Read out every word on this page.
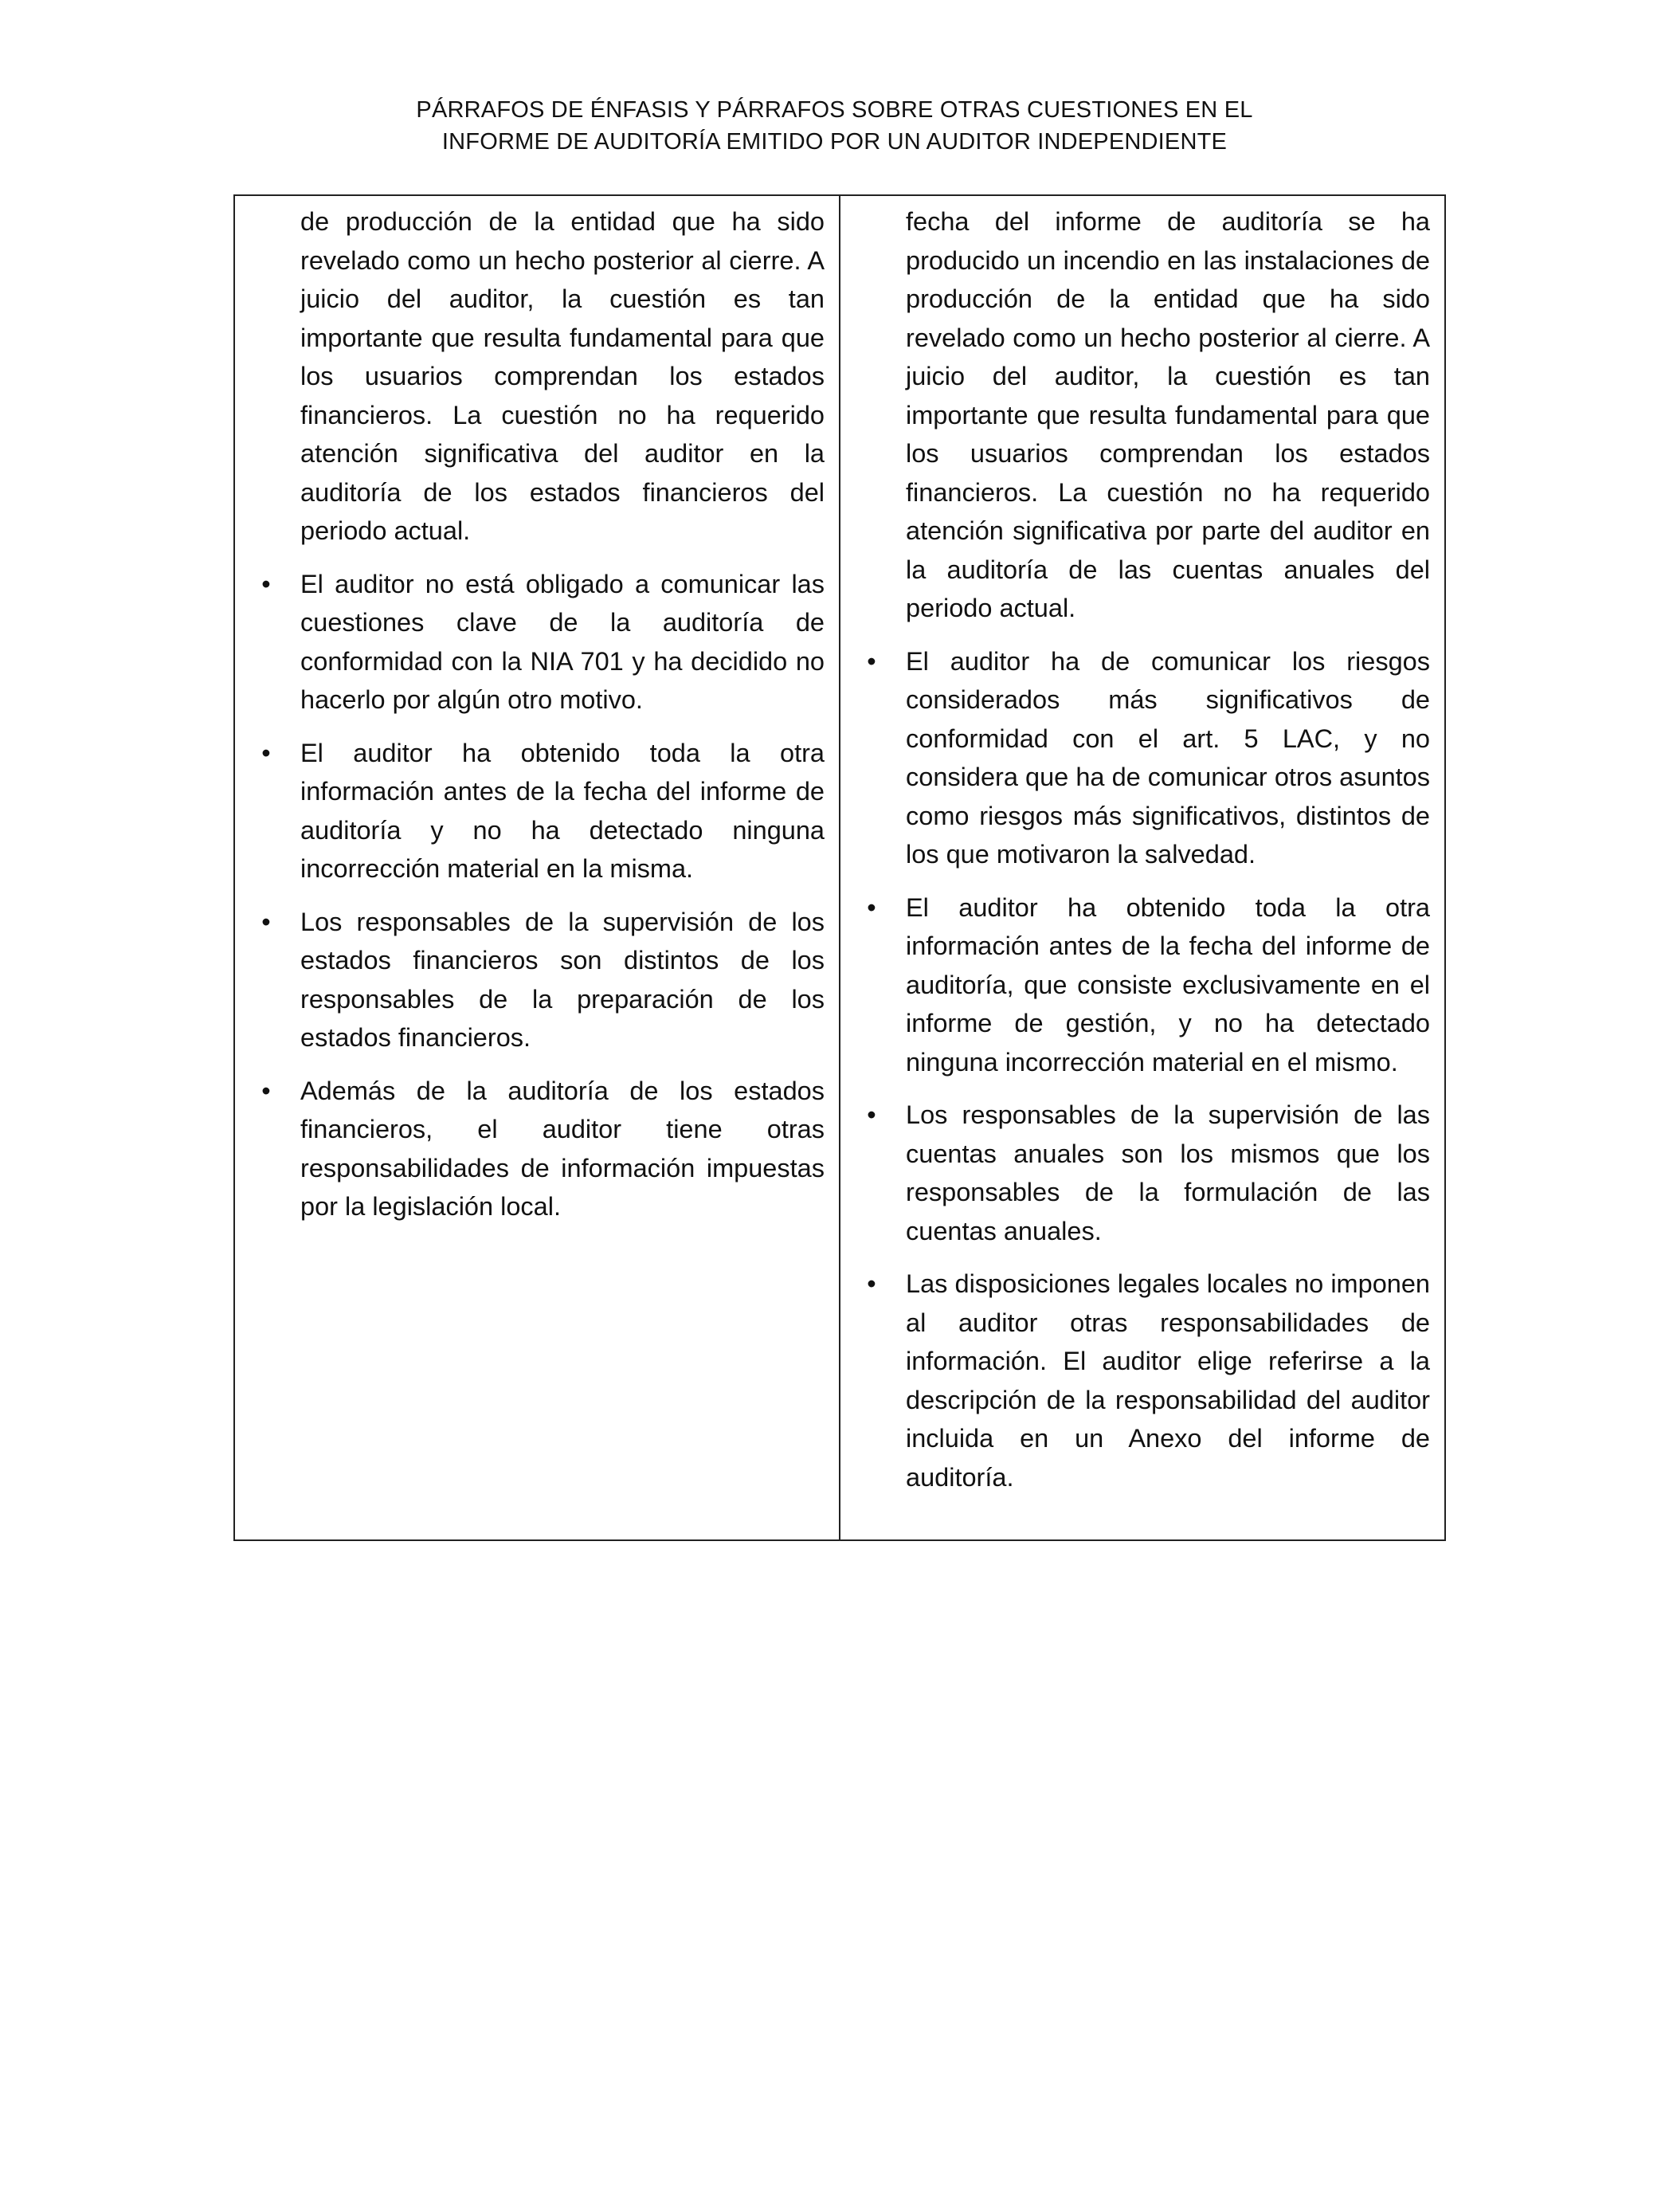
PÁRRAFOS DE ÉNFASIS Y PÁRRAFOS SOBRE OTRAS CUESTIONES EN EL
INFORME DE AUDITORÍA EMITIDO POR UN AUDITOR INDEPENDIENTE

de producción de la entidad que ha sido revelado como un hecho posterior al cierre. A juicio del auditor, la cuestión es tan importante que resulta fundamental para que los usuarios comprendan los estados financieros. La cuestión no ha requerido atención significativa del auditor en la auditoría de los estados financieros del periodo actual.

• El auditor no está obligado a comunicar las cuestiones clave de la auditoría de conformidad con la NIA 701 y ha decidido no hacerlo por algún otro motivo.

• El auditor ha obtenido toda la otra información antes de la fecha del informe de auditoría y no ha detectado ninguna incorrección material en la misma.

• Los responsables de la supervisión de los estados financieros son distintos de los responsables de la preparación de los estados financieros.

• Además de la auditoría de los estados financieros, el auditor tiene otras responsabilidades de información impuestas por la legislación local.

fecha del informe de auditoría se ha producido un incendio en las instalaciones de producción de la entidad que ha sido revelado como un hecho posterior al cierre. A juicio del auditor, la cuestión es tan importante que resulta fundamental para que los usuarios comprendan los estados financieros. La cuestión no ha requerido atención significativa por parte del auditor en la auditoría de las cuentas anuales del periodo actual.

• El auditor ha de comunicar los riesgos considerados más significativos de conformidad con el art. 5 LAC, y no considera que ha de comunicar otros asuntos como riesgos más significativos, distintos de los que motivaron la salvedad.

• El auditor ha obtenido toda la otra información antes de la fecha del informe de auditoría, que consiste exclusivamente en el informe de gestión, y no ha detectado ninguna incorrección material en el mismo.

• Los responsables de la supervisión de las cuentas anuales son los mismos que los responsables de la formulación de las cuentas anuales.

• Las disposiciones legales locales no imponen al auditor otras responsabilidades de información. El auditor elige referirse a la descripción de la responsabilidad del auditor incluida en un Anexo del informe de auditoría.
